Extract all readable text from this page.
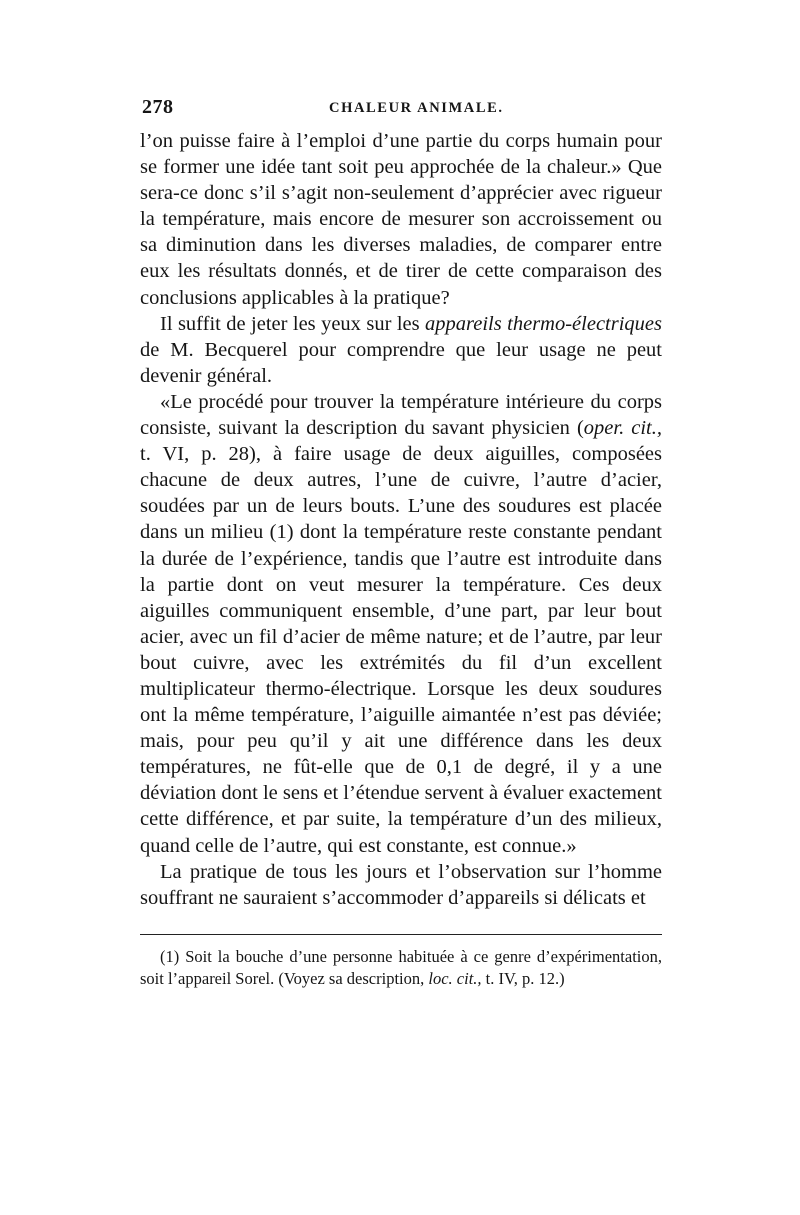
278	CHALEUR ANIMALE.

l’on puisse faire à l’emploi d’une partie du corps humain pour se former une idée tant soit peu approchée de la chaleur.» Que sera-ce donc s’il s’agit non-seulement d’apprécier avec rigueur la température, mais encore de mesurer son accroissement ou sa diminution dans les diverses maladies, de comparer entre eux les résultats donnés, et de tirer de cette comparaison des conclusions applicables à la pratique?

Il suffit de jeter les yeux sur les appareils thermo-électriques de M. Becquerel pour comprendre que leur usage ne peut devenir général.

«Le procédé pour trouver la température intérieure du corps consiste, suivant la description du savant physicien (oper. cit., t. VI, p. 28), à faire usage de deux aiguilles, composées chacune de deux autres, l’une de cuivre, l’autre d’acier, soudées par un de leurs bouts. L’une des soudures est placée dans un milieu (1) dont la température reste constante pendant la durée de l’expérience, tandis que l’autre est introduite dans la partie dont on veut mesurer la température. Ces deux aiguilles communiquent ensemble, d’une part, par leur bout acier, avec un fil d’acier de même nature; et de l’autre, par leur bout cuivre, avec les extrémités du fil d’un excellent multiplicateur thermo-électrique. Lorsque les deux soudures ont la même température, l’aiguille aimantée n’est pas déviée; mais, pour peu qu’il y ait une différence dans les deux températures, ne fût-elle que de 0,1 de degré, il y a une déviation dont le sens et l’étendue servent à évaluer exactement cette différence, et par suite, la température d’un des milieux, quand celle de l’autre, qui est constante, est connue.»

La pratique de tous les jours et l’observation sur l’homme souffrant ne sauraient s’accommoder d’appareils si délicats et

(1) Soit la bouche d’une personne habituée à ce genre d’expérimentation, soit l’appareil Sorel. (Voyez sa description, loc. cit., t. IV, p. 12.)
